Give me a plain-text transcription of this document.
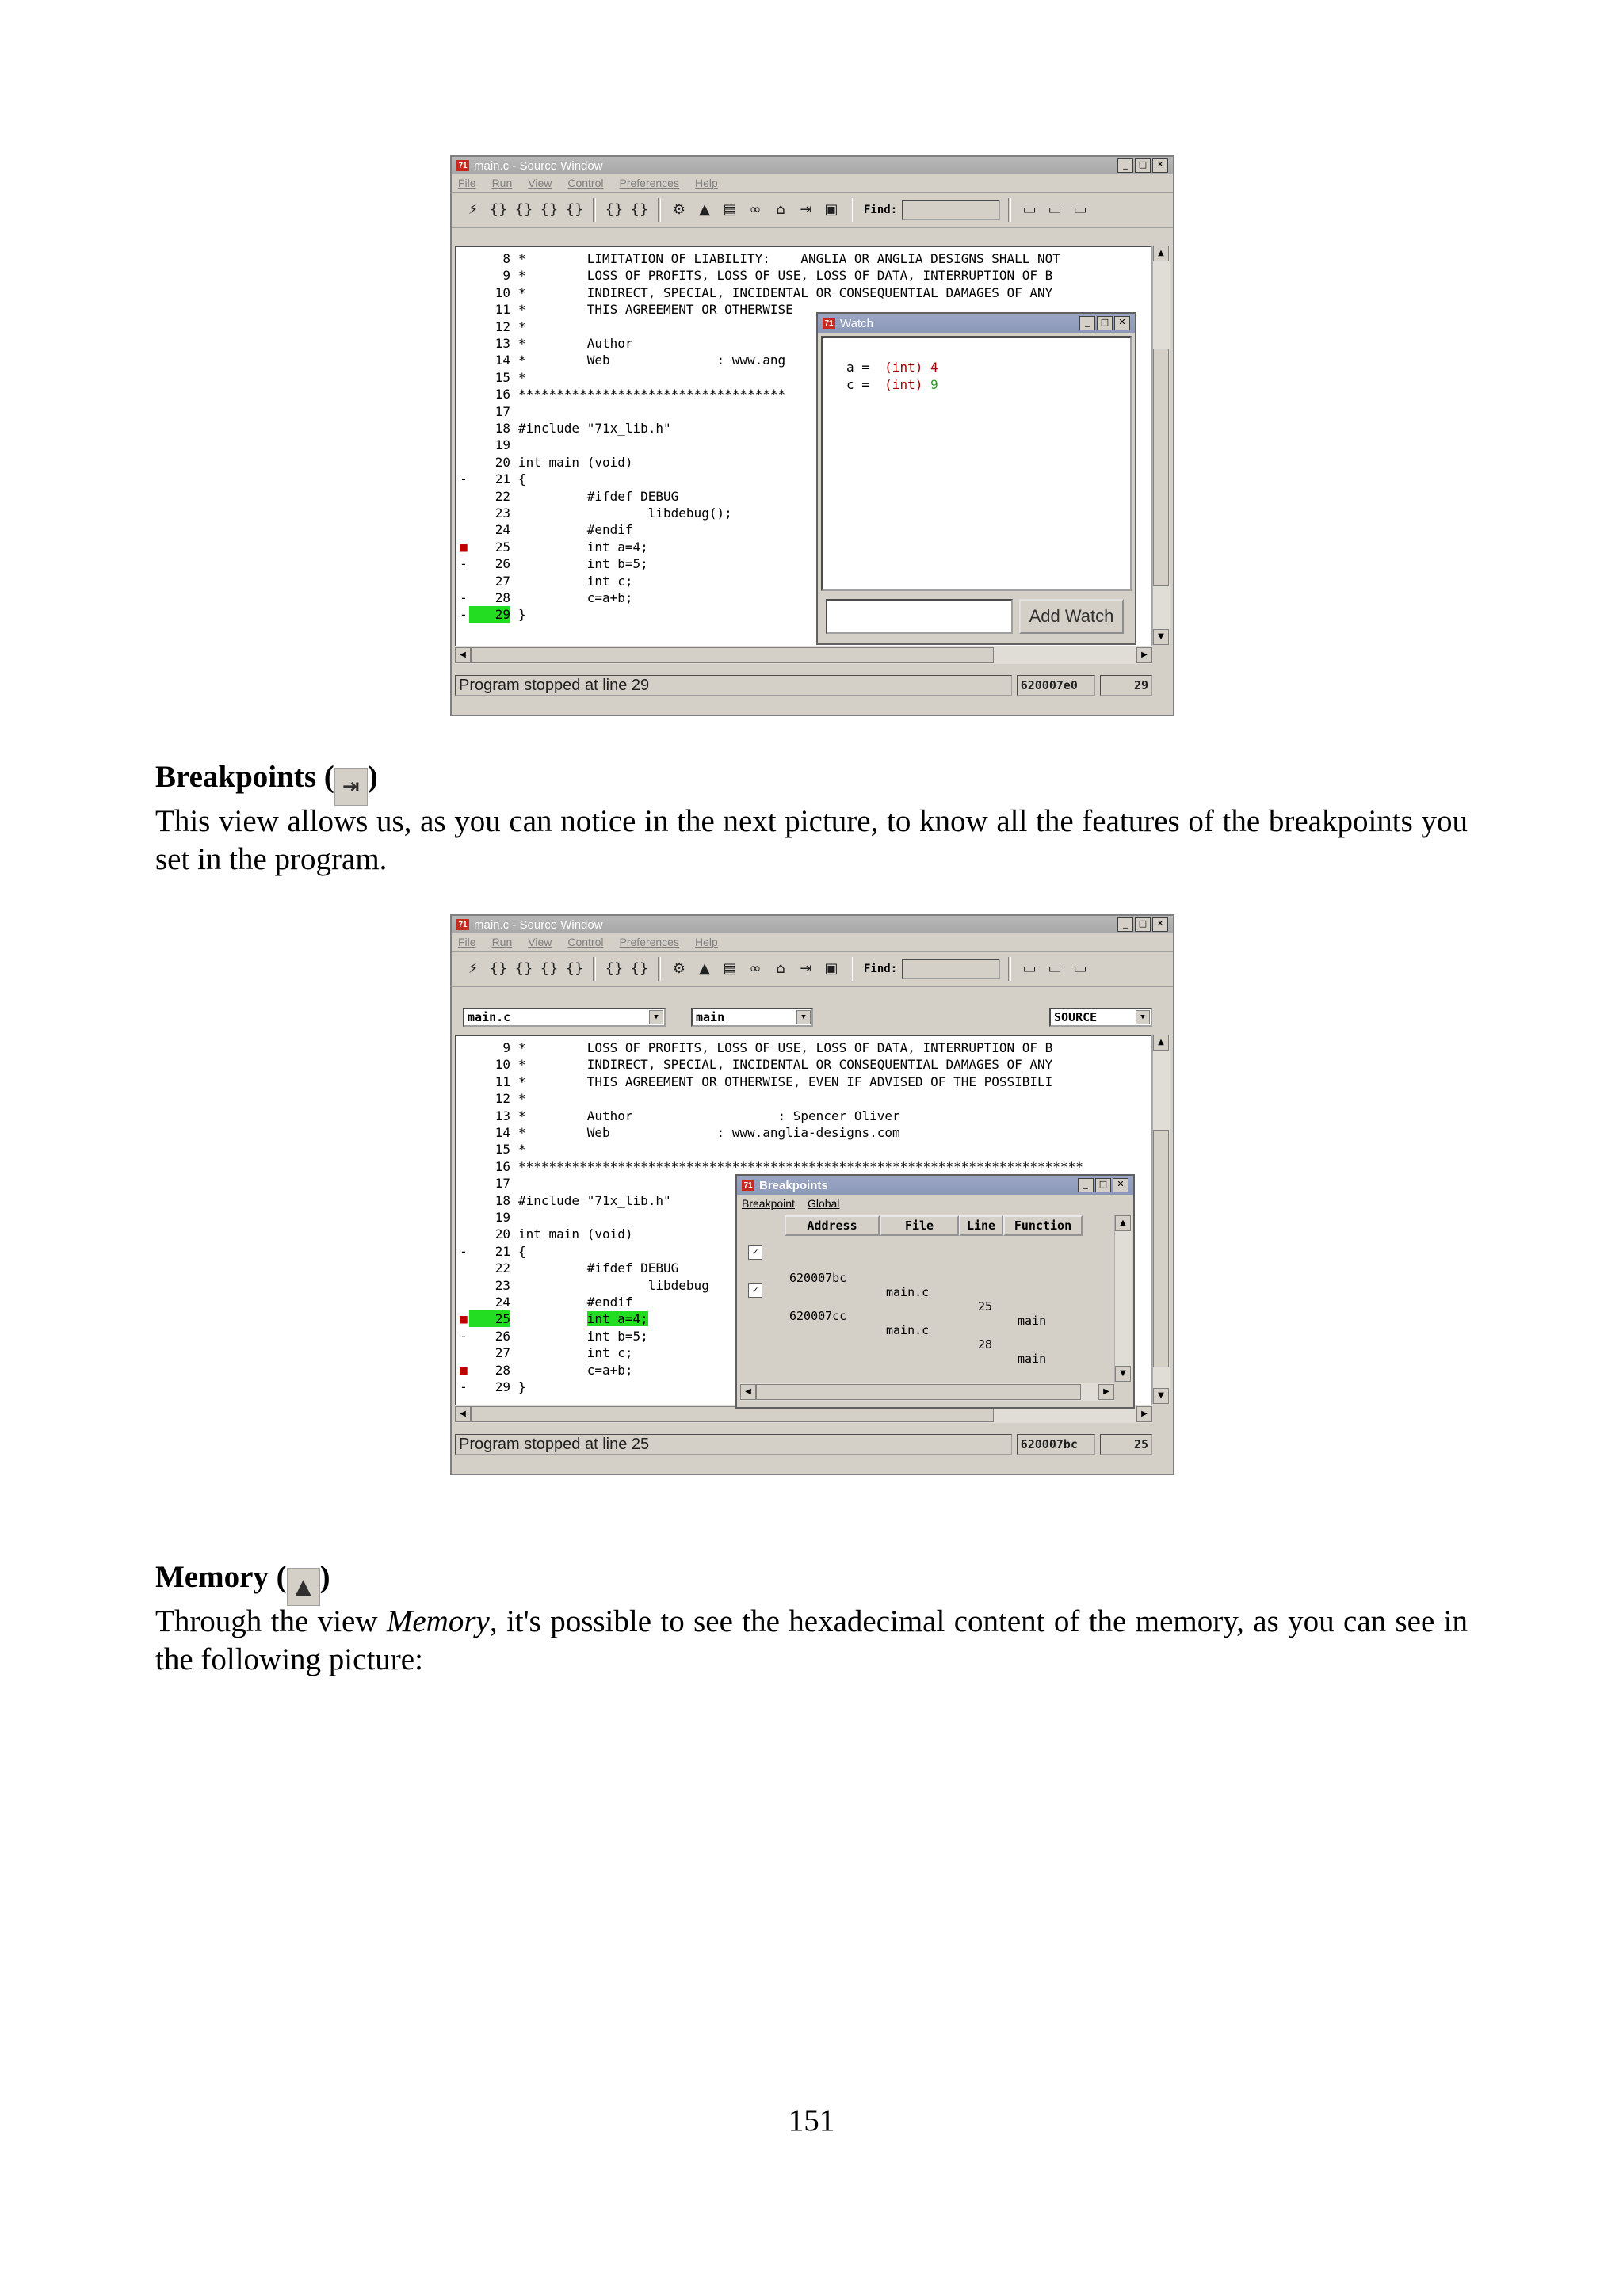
71 main.c - Source Window	_	□	✕
File Run View Control Preferences Help
⚡ {} {} {} {} {} {} ⚙ ▲ ▤ ∞	⌂	⇥ ▣	Find:	▭ ▭ ▭
8 *        LIMITATION OF LIABILITY:    ANGLIA OR ANGLIA DESIGNS SHALL NOT
9 *        LOSS OF PROFITS, LOSS OF USE, LOSS OF DATA, INTERRUPTION OF B
10 *        INDIRECT, SPECIAL, INCIDENTAL OR CONSEQUENTIAL DAMAGES OF ANY
11 *        THIS AGREEMENT OR OTHERWISE
12 *
13 *        Author
14 *        Web              : www.ang
15 *
16 ***********************************
17
18 #include "71x_lib.h"
19
20 int main (void)
-	21 {
22 #ifdef DEBUG
23 libdebug();
24 #endif
■	25 int a=4;
-	26 int b=5;
27 int c;
-	28 c=a+b;
-	29 }
▲
▼
◀	▶
71 Watch	_	□	✕
a = (int) 4
c = (int) 9
Add Watch
Program stopped at line 29	620007e0	29
Breakpoints ( ⇥ )
This view allows us, as you can notice in the next picture, to know all the features of the breakpoints you set in the program.
71 main.c - Source Window	_	□	✕
File Run View Control Preferences Help
⚡ {} {} {} {} {} {} ⚙ ▲ ▤ ∞	⌂	⇥ ▣	Find:	▭ ▭ ▭
main.c	▼	main	▼	SOURCE	▼
9 *        LOSS OF PROFITS, LOSS OF USE, LOSS OF DATA, INTERRUPTION OF B
10 *        INDIRECT, SPECIAL, INCIDENTAL OR CONSEQUENTIAL DAMAGES OF ANY
11 *        THIS AGREEMENT OR OTHERWISE, EVEN IF ADVISED OF THE POSSIBILI
12 *
13 *        Author                   : Spencer Oliver
14 *        Web              : www.anglia-designs.com
15 *
16 **************************************************************************
17
18 #include "71x_lib.h"
19
20 int main (void)
-	21 {
22 #ifdef DEBUG
23 libdebug
24 #endif
■	25	int a=4;
-	26 int b=5;
27 int c;
■	28 c=a+b;
-	29 }
▲
▼
◀	▶
71 Breakpoints	_	□	✕
Breakpoint Global
Address	File	Line	Function

✓

620007bc

main.c

25

main

✓

620007cc

main.c

28

main

▲
▼
◀	▶
Program stopped at line 25	620007bc	25
Memory ( ▲ )
Through the view Memory, it's possible to see the hexadecimal content of the memory, as you can see in the following picture:
151
